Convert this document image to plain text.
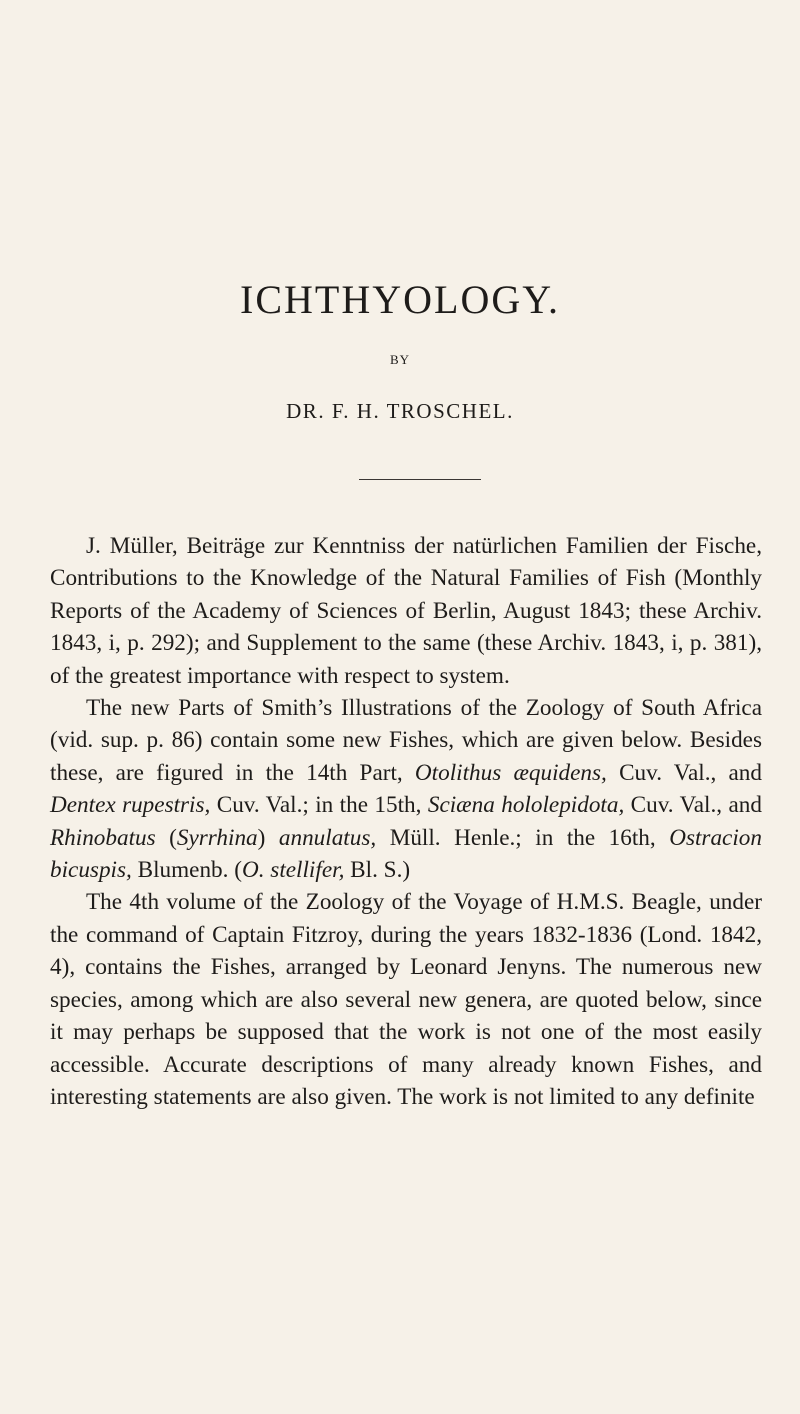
ICHTHYOLOGY.
BY
DR. F. H. TROSCHEL.

J. Müller, Beiträge zur Kenntniss der natürlichen Familien der Fische, Contributions to the Knowledge of the Natural Families of Fish (Monthly Reports of the Academy of Sciences of Berlin, August 1843; these Archiv. 1843, i, p. 292); and Supplement to the same (these Archiv. 1843, i, p. 381), of the greatest importance with respect to system.

The new Parts of Smith’s Illustrations of the Zoology of South Africa (vid. sup. p. 86) contain some new Fishes, which are given below. Besides these, are figured in the 14th Part, Otolithus æquidens, Cuv. Val., and Dentex rupestris, Cuv. Val.; in the 15th, Sciæna hololepidota, Cuv. Val., and Rhinobatus (Syrrhina) annulatus, Müll. Henle.; in the 16th, Ostracion bicuspis, Blumenb. (O. stellifer, Bl. S.)

The 4th volume of the Zoology of the Voyage of H.M.S. Beagle, under the command of Captain Fitzroy, during the years 1832-1836 (Lond. 1842, 4), contains the Fishes, arranged by Leonard Jenyns. The numerous new species, among which are also several new genera, are quoted below, since it may perhaps be supposed that the work is not one of the most easily accessible. Accurate descriptions of many already known Fishes, and interesting statements are also given. The work is not limited to any definite
